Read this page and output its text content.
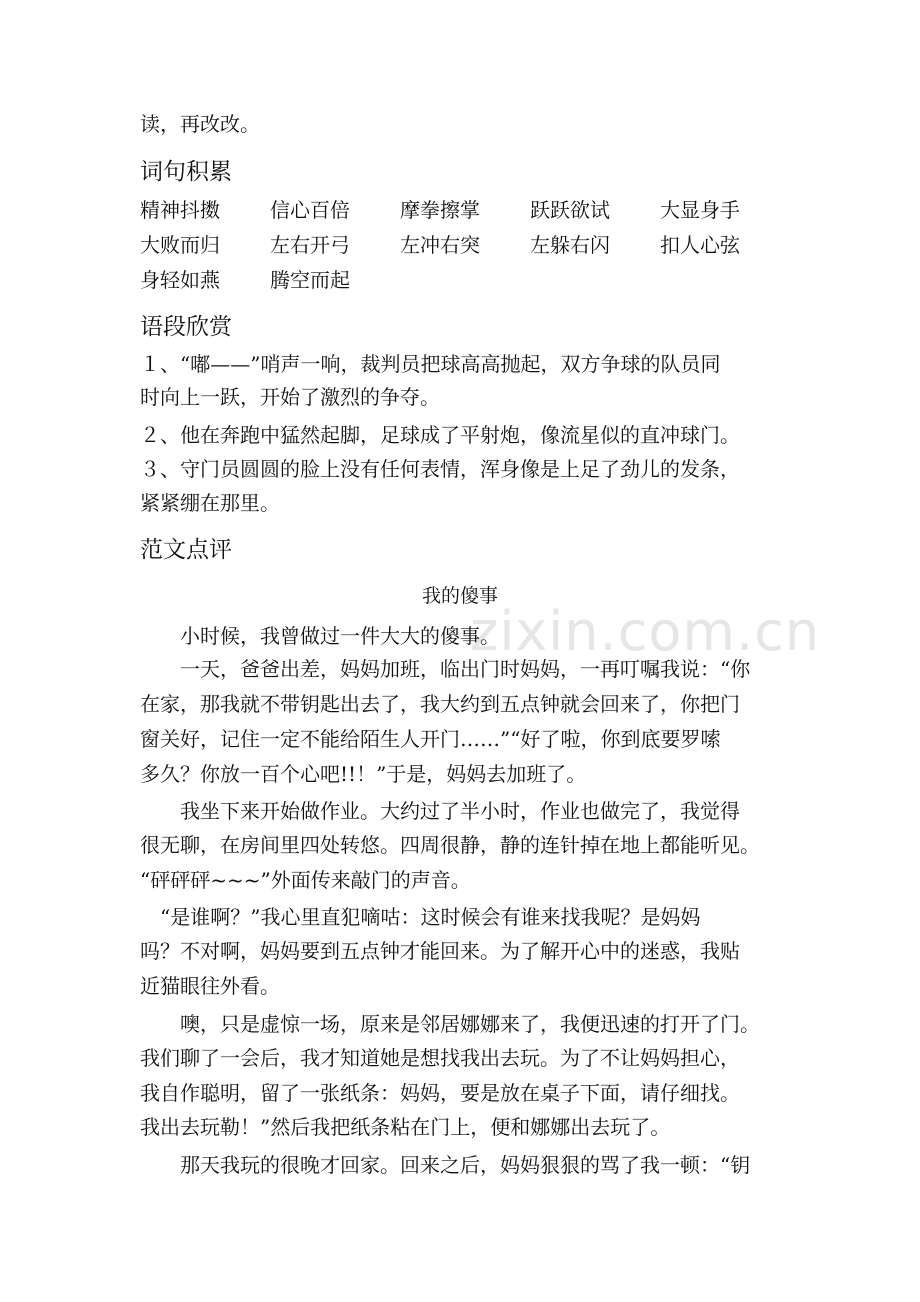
zixin.com.cn
读，再改改。
词句积累
精神抖擞	信心百倍	摩拳擦掌	跃跃欲试	大显身手
大败而归	左右开弓	左冲右突	左躲右闪	扣人心弦
身轻如燕	腾空而起
语段欣赏
１、“嘟——”哨声一响，裁判员把球高高抛起，双方争球的队员同
时向上一跃，开始了激烈的争夺。
２、他在奔跑中猛然起脚，足球成了平射炮，像流星似的直冲球门。
３、守门员圆圆的脸上没有任何表情，浑身像是上足了劲儿的发条，
紧紧绷在那里。
范文点评
我的傻事
　　小时候，我曾做过一件大大的傻事。
　　一天，爸爸出差，妈妈加班，临出门时妈妈，一再叮嘱我说：“你
在家，那我就不带钥匙出去了，我大约到五点钟就会回来了，你把门
窗关好，记住一定不能给陌生人开门……”“好了啦，你到底要罗嗦
多久？你放一百个心吧!!！”于是，妈妈去加班了。
　　我坐下来开始做作业。大约过了半小时，作业也做完了，我觉得
很无聊，在房间里四处转悠。四周很静，静的连针掉在地上都能听见。
“砰砰砰~~~”外面传来敲门的声音。
　“是谁啊？”我心里直犯嘀咕：这时候会有谁来找我呢？是妈妈
吗？不对啊，妈妈要到五点钟才能回来。为了解开心中的迷惑，我贴
近猫眼往外看。
　　噢，只是虚惊一场，原来是邻居娜娜来了，我便迅速的打开了门。
我们聊了一会后，我才知道她是想找我出去玩。为了不让妈妈担心，
我自作聪明，留了一张纸条：妈妈，要是放在桌子下面，请仔细找。
我出去玩勒！”然后我把纸条粘在门上，便和娜娜出去玩了。
　　那天我玩的很晚才回家。回来之后，妈妈狠狠的骂了我一顿：“钥
